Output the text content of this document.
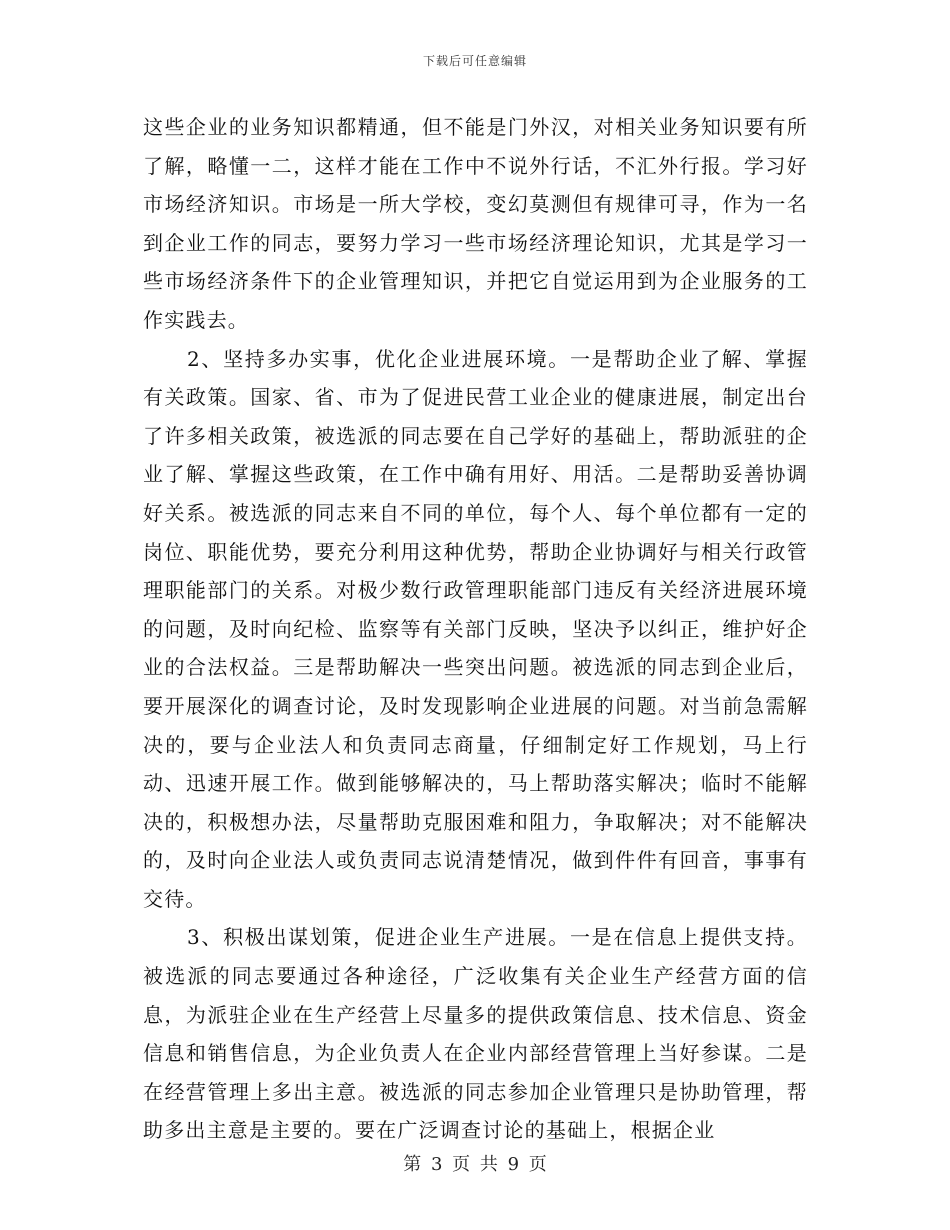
下载后可任意编辑

这些企业的业务知识都精通，但不能是门外汉，对相关业务知识要有所了解，略懂一二，这样才能在工作中不说外行话，不汇外行报。学习好市场经济知识。市场是一所大学校，变幻莫测但有规律可寻，作为一名到企业工作的同志，要努力学习一些市场经济理论知识，尤其是学习一些市场经济条件下的企业管理知识，并把它自觉运用到为企业服务的工作实践去。

2、坚持多办实事，优化企业进展环境。一是帮助企业了解、掌握有关政策。国家、省、市为了促进民营工业企业的健康进展，制定出台了许多相关政策，被选派的同志要在自己学好的基础上，帮助派驻的企业了解、掌握这些政策，在工作中确有用好、用活。二是帮助妥善协调好关系。被选派的同志来自不同的单位，每个人、每个单位都有一定的岗位、职能优势，要充分利用这种优势，帮助企业协调好与相关行政管理职能部门的关系。对极少数行政管理职能部门违反有关经济进展环境的问题，及时向纪检、监察等有关部门反映，坚决予以纠正，维护好企业的合法权益。三是帮助解决一些突出问题。被选派的同志到企业后，要开展深化的调查讨论，及时发现影响企业进展的问题。对当前急需解决的，要与企业法人和负责同志商量，仔细制定好工作规划，马上行动、迅速开展工作。做到能够解决的，马上帮助落实解决；临时不能解决的，积极想办法，尽量帮助克服困难和阻力，争取解决；对不能解决的，及时向企业法人或负责同志说清楚情况，做到件件有回音，事事有交待。

3、积极出谋划策，促进企业生产进展。一是在信息上提供支持。被选派的同志要通过各种途径，广泛收集有关企业生产经营方面的信息，为派驻企业在生产经营上尽量多的提供政策信息、技术信息、资金信息和销售信息，为企业负责人在企业内部经营管理上当好参谋。二是在经营管理上多出主意。被选派的同志参加企业管理只是协助管理，帮助多出主意是主要的。要在广泛调查讨论的基础上，根据企业

第 3 页 共 9 页
